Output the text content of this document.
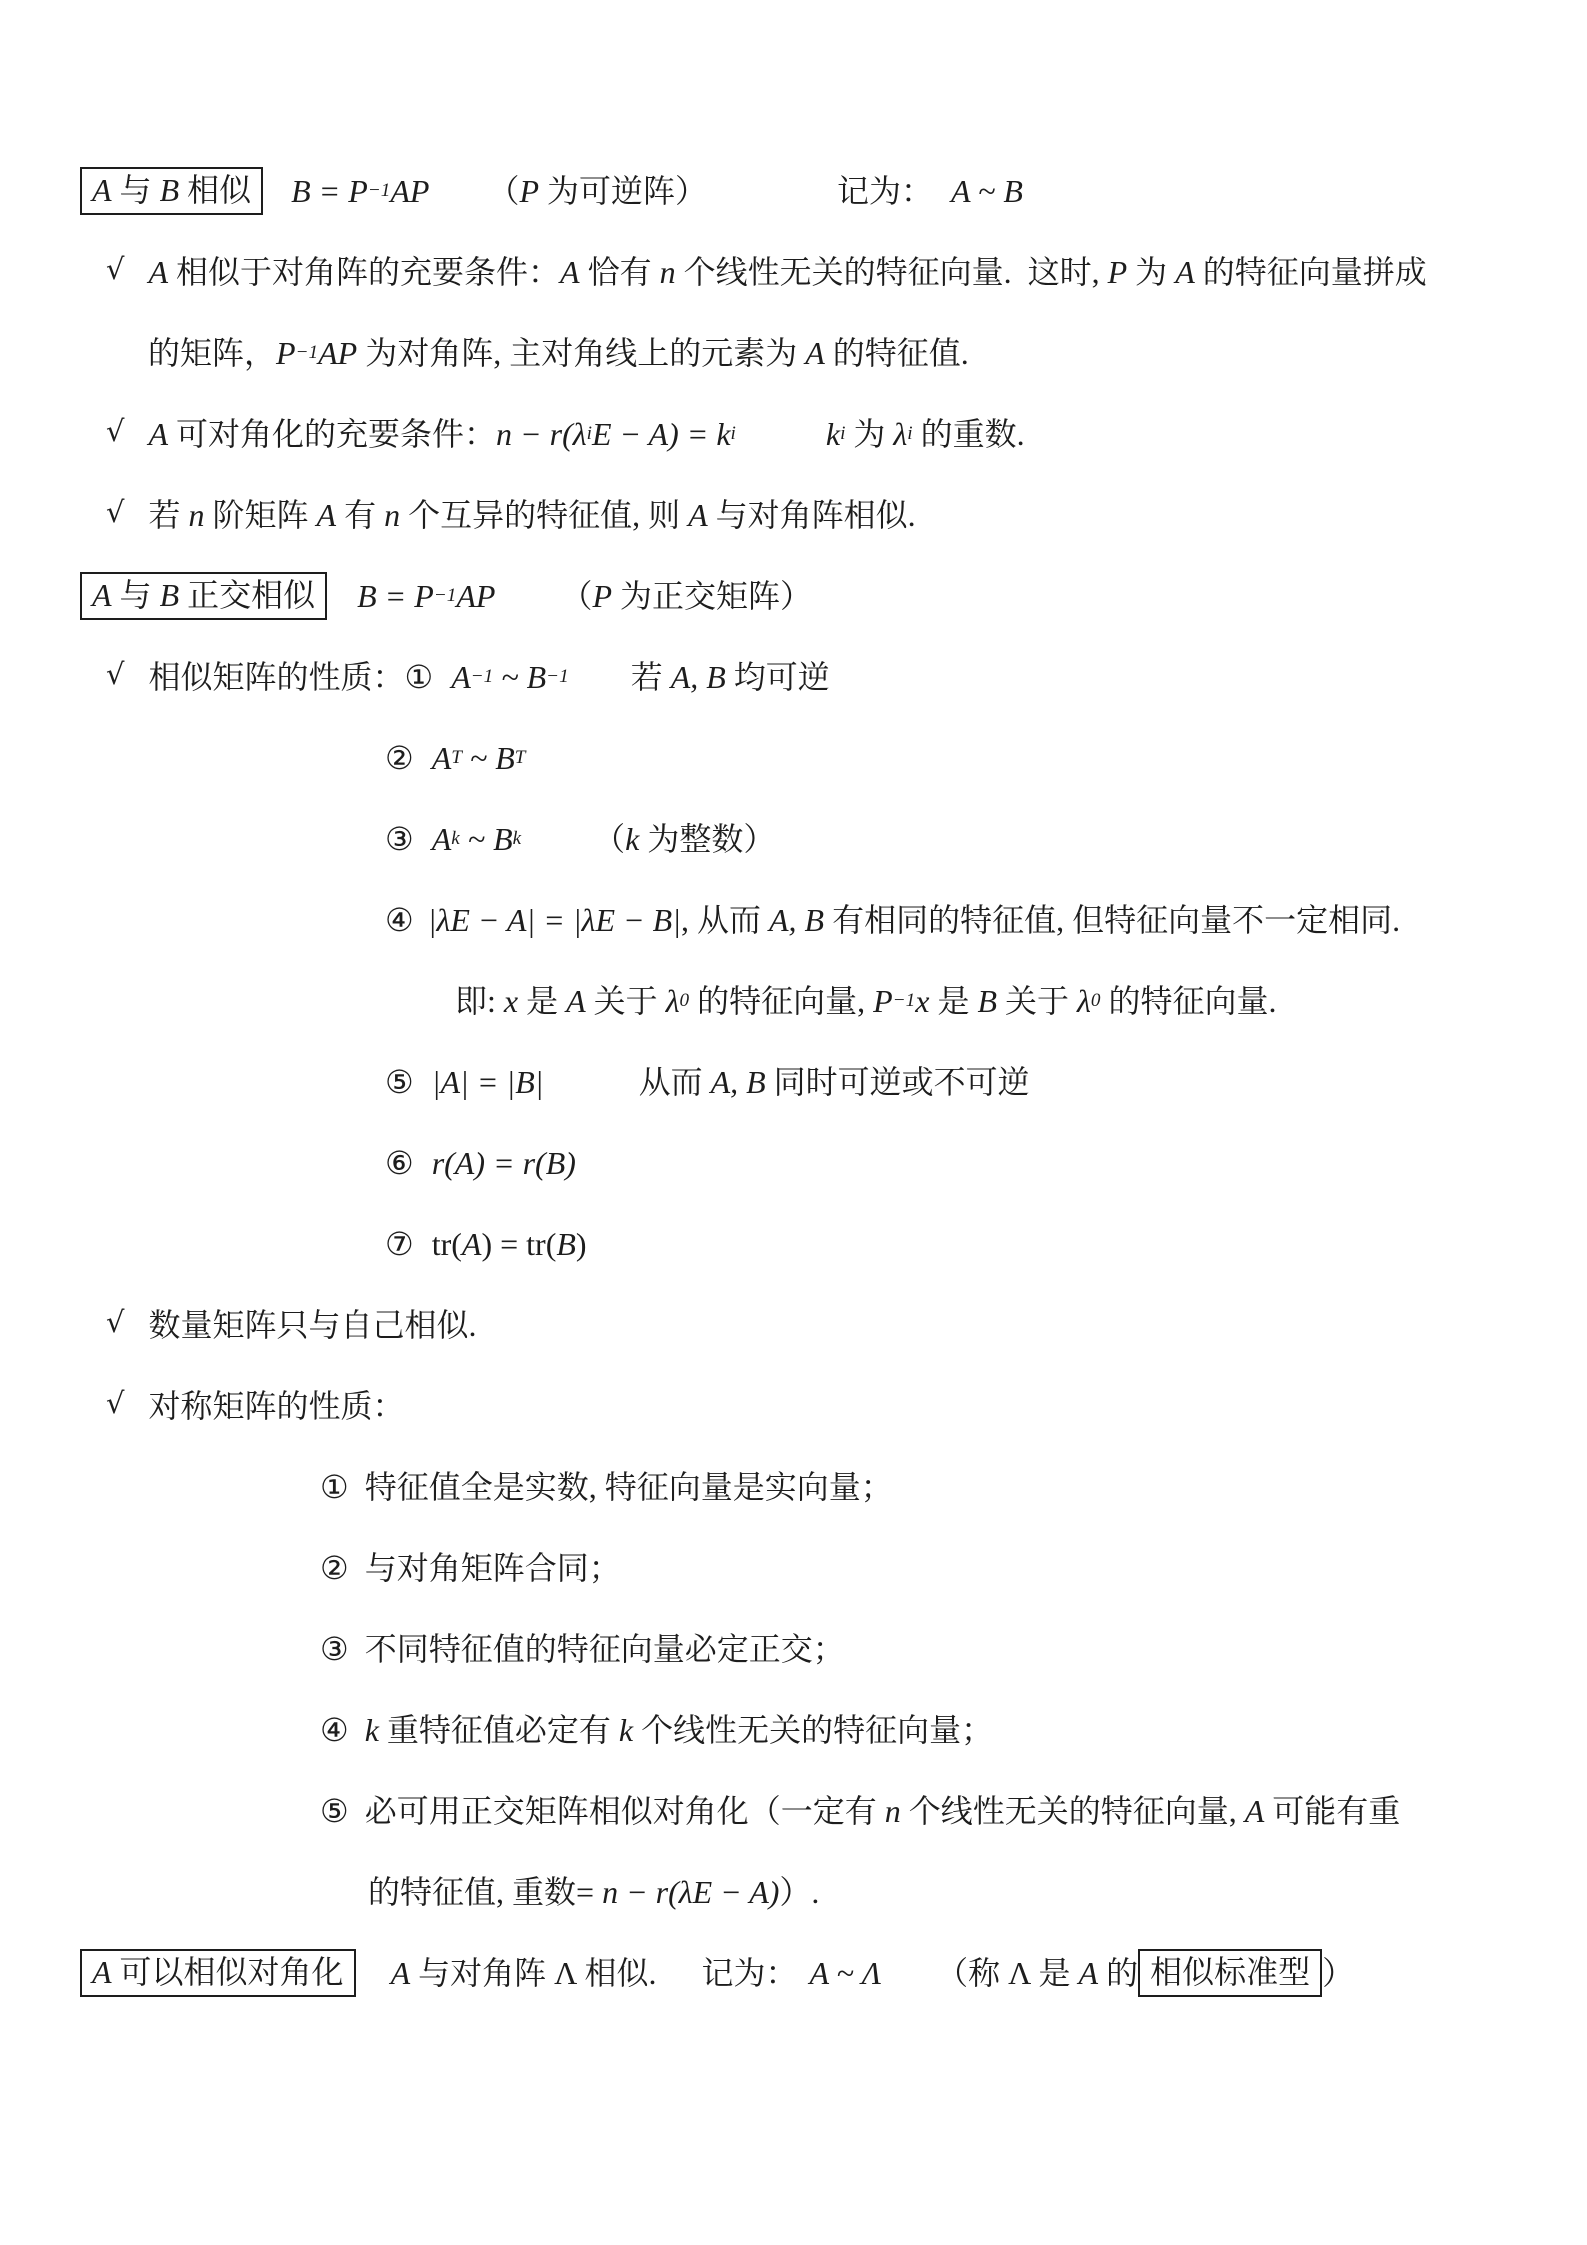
A 与 B 相似 B = P −1 AP （ P 为可逆阵）	记为： A ~ B
√ A 相似于对角阵的充要条件： A 恰有 n 个线性无关的特征向量.  这时, P 为 A 的特征向量拼成
的矩阵， P −1 AP 为对角阵, 主对角线上的元素为 A 的特征值.
√ A 可对角化的充要条件： n − r(λ i E − A) = k i	k i 为 λ i 的重数.
√ 若 n 阶矩阵 A 有 n 个互异的特征值, 则 A 与对角阵相似.
A 与 B 正交相似 B = P −1 AP （ P 为正交矩阵）
√ 相似矩阵的性质： ① A −1 ~ B −1 若 A, B 均可逆
② A T ~ B T
③ A k ~ B k （ k 为整数）
④ |λE − A| = |λE − B| , 从而 A, B 有相同的特征值, 但特征向量不一定相同.
即: x 是 A 关于 λ 0 的特征向量, P −1 x 是 B 关于 λ 0 的特征向量.
⑤ |A| = |B|	从而 A, B 同时可逆或不可逆
⑥ r(A) = r(B)
⑦ tr( A ) = tr( B )
√ 数量矩阵只与自己相似.
√ 对称矩阵的性质：
① 特征值全是实数, 特征向量是实向量；
② 与对角矩阵合同；
③ 不同特征值的特征向量必定正交；
④ k 重特征值必定有 k 个线性无关的特征向量；
⑤ 必可用正交矩阵相似对角化（一定有 n 个线性无关的特征向量, A 可能有重
的特征值, 重数= n − r(λE − A) ）.
A 可以相似对角化 A 与对角阵 Λ 相似. 记为： A ~ Λ （称 Λ 是 A 的 相似标准型 ）
